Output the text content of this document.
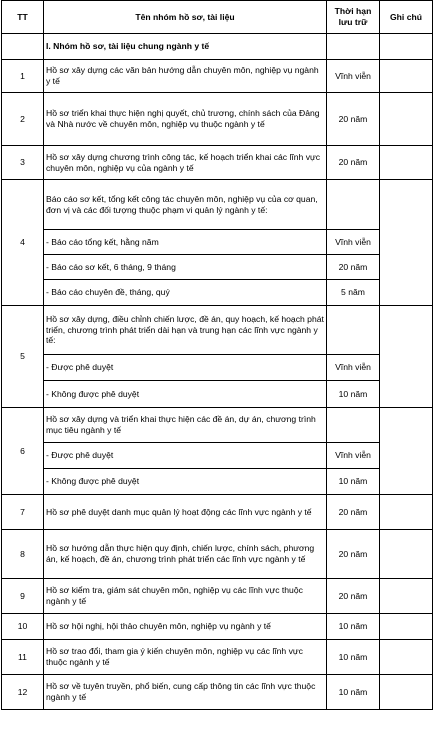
TT	Tên nhóm hồ sơ, tài liệu	Thời hạn lưu trữ	Ghi chú
	I. Nhóm hồ sơ, tài liệu chung ngành y tế		
1	Hồ sơ xây dựng các văn bản hướng dẫn chuyên môn, nghiệp vụ ngành y tế	Vĩnh viễn	
2	Hồ sơ triển khai thực hiện nghị quyết, chủ trương, chính sách của Đảng và Nhà nước về chuyên môn, nghiệp vụ thuộc ngành y tế	20 năm	
3	Hồ sơ xây dựng chương trình công tác, kế hoạch triển khai các lĩnh vực chuyên môn, nghiệp vụ của ngành y tế	20 năm	
4	Báo cáo sơ kết, tổng kết công tác chuyên môn, nghiệp vụ của cơ quan, đơn vị và các đối tượng thuộc phạm vi quản lý ngành y tế:		
	- Báo cáo tổng kết, hằng năm	Vĩnh viễn	
	- Báo cáo sơ kết, 6 tháng, 9 tháng	20 năm	
	- Báo cáo chuyên đề, tháng, quý	5 năm	
5	Hồ sơ xây dựng, điều chỉnh chiến lược, đề án, quy hoạch, kế hoạch phát triển, chương trình phát triển dài hạn và trung hạn các lĩnh vực ngành y tế:		
	- Được phê duyệt	Vĩnh viễn	
	- Không được phê duyệt	10 năm	
6	Hồ sơ xây dựng và triển khai thực hiện các đề án, dự án, chương trình mục tiêu ngành y tế		
	- Được phê duyệt	Vĩnh viễn	
	- Không được phê duyệt	10 năm	
7	Hồ sơ phê duyệt danh mục quản lý hoạt động các lĩnh vực ngành y tế	20 năm	
8	Hồ sơ hướng dẫn thực hiện quy định, chiến lược, chính sách, phương án, kế hoạch, đề án, chương trình phát triển các lĩnh vực ngành y tế	20 năm	
9	Hồ sơ kiểm tra, giám sát chuyên môn, nghiệp vụ các lĩnh vực thuộc ngành y tế	20 năm	
10	Hồ sơ hội nghị, hội thảo chuyên môn, nghiệp vụ ngành y tế	10 năm	
11	Hồ sơ trao đổi, tham gia ý kiến chuyên môn, nghiệp vụ các lĩnh vực thuộc ngành y tế	10 năm	
12	Hồ sơ về tuyên truyền, phổ biến, cung cấp thông tin các lĩnh vực thuộc ngành y tế	10 năm	
